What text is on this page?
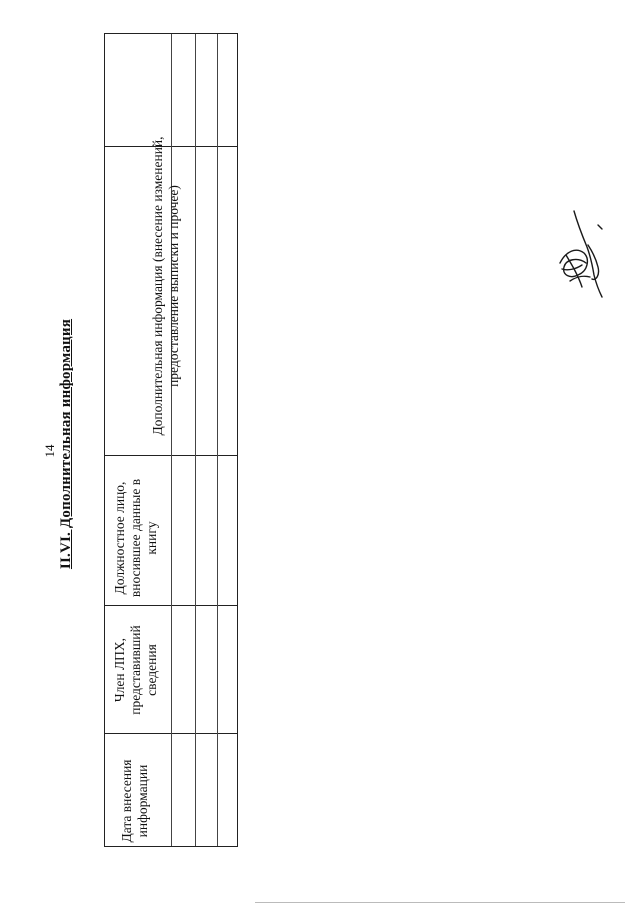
14 II.VI. Дополнительная информация
Дополнительная информация (внесение изменений, предоставление выписки и прочее)
Должностное лицо, вносившее данные в книгу
Член ЛПХ, представивший сведения
Дата внесения информации
